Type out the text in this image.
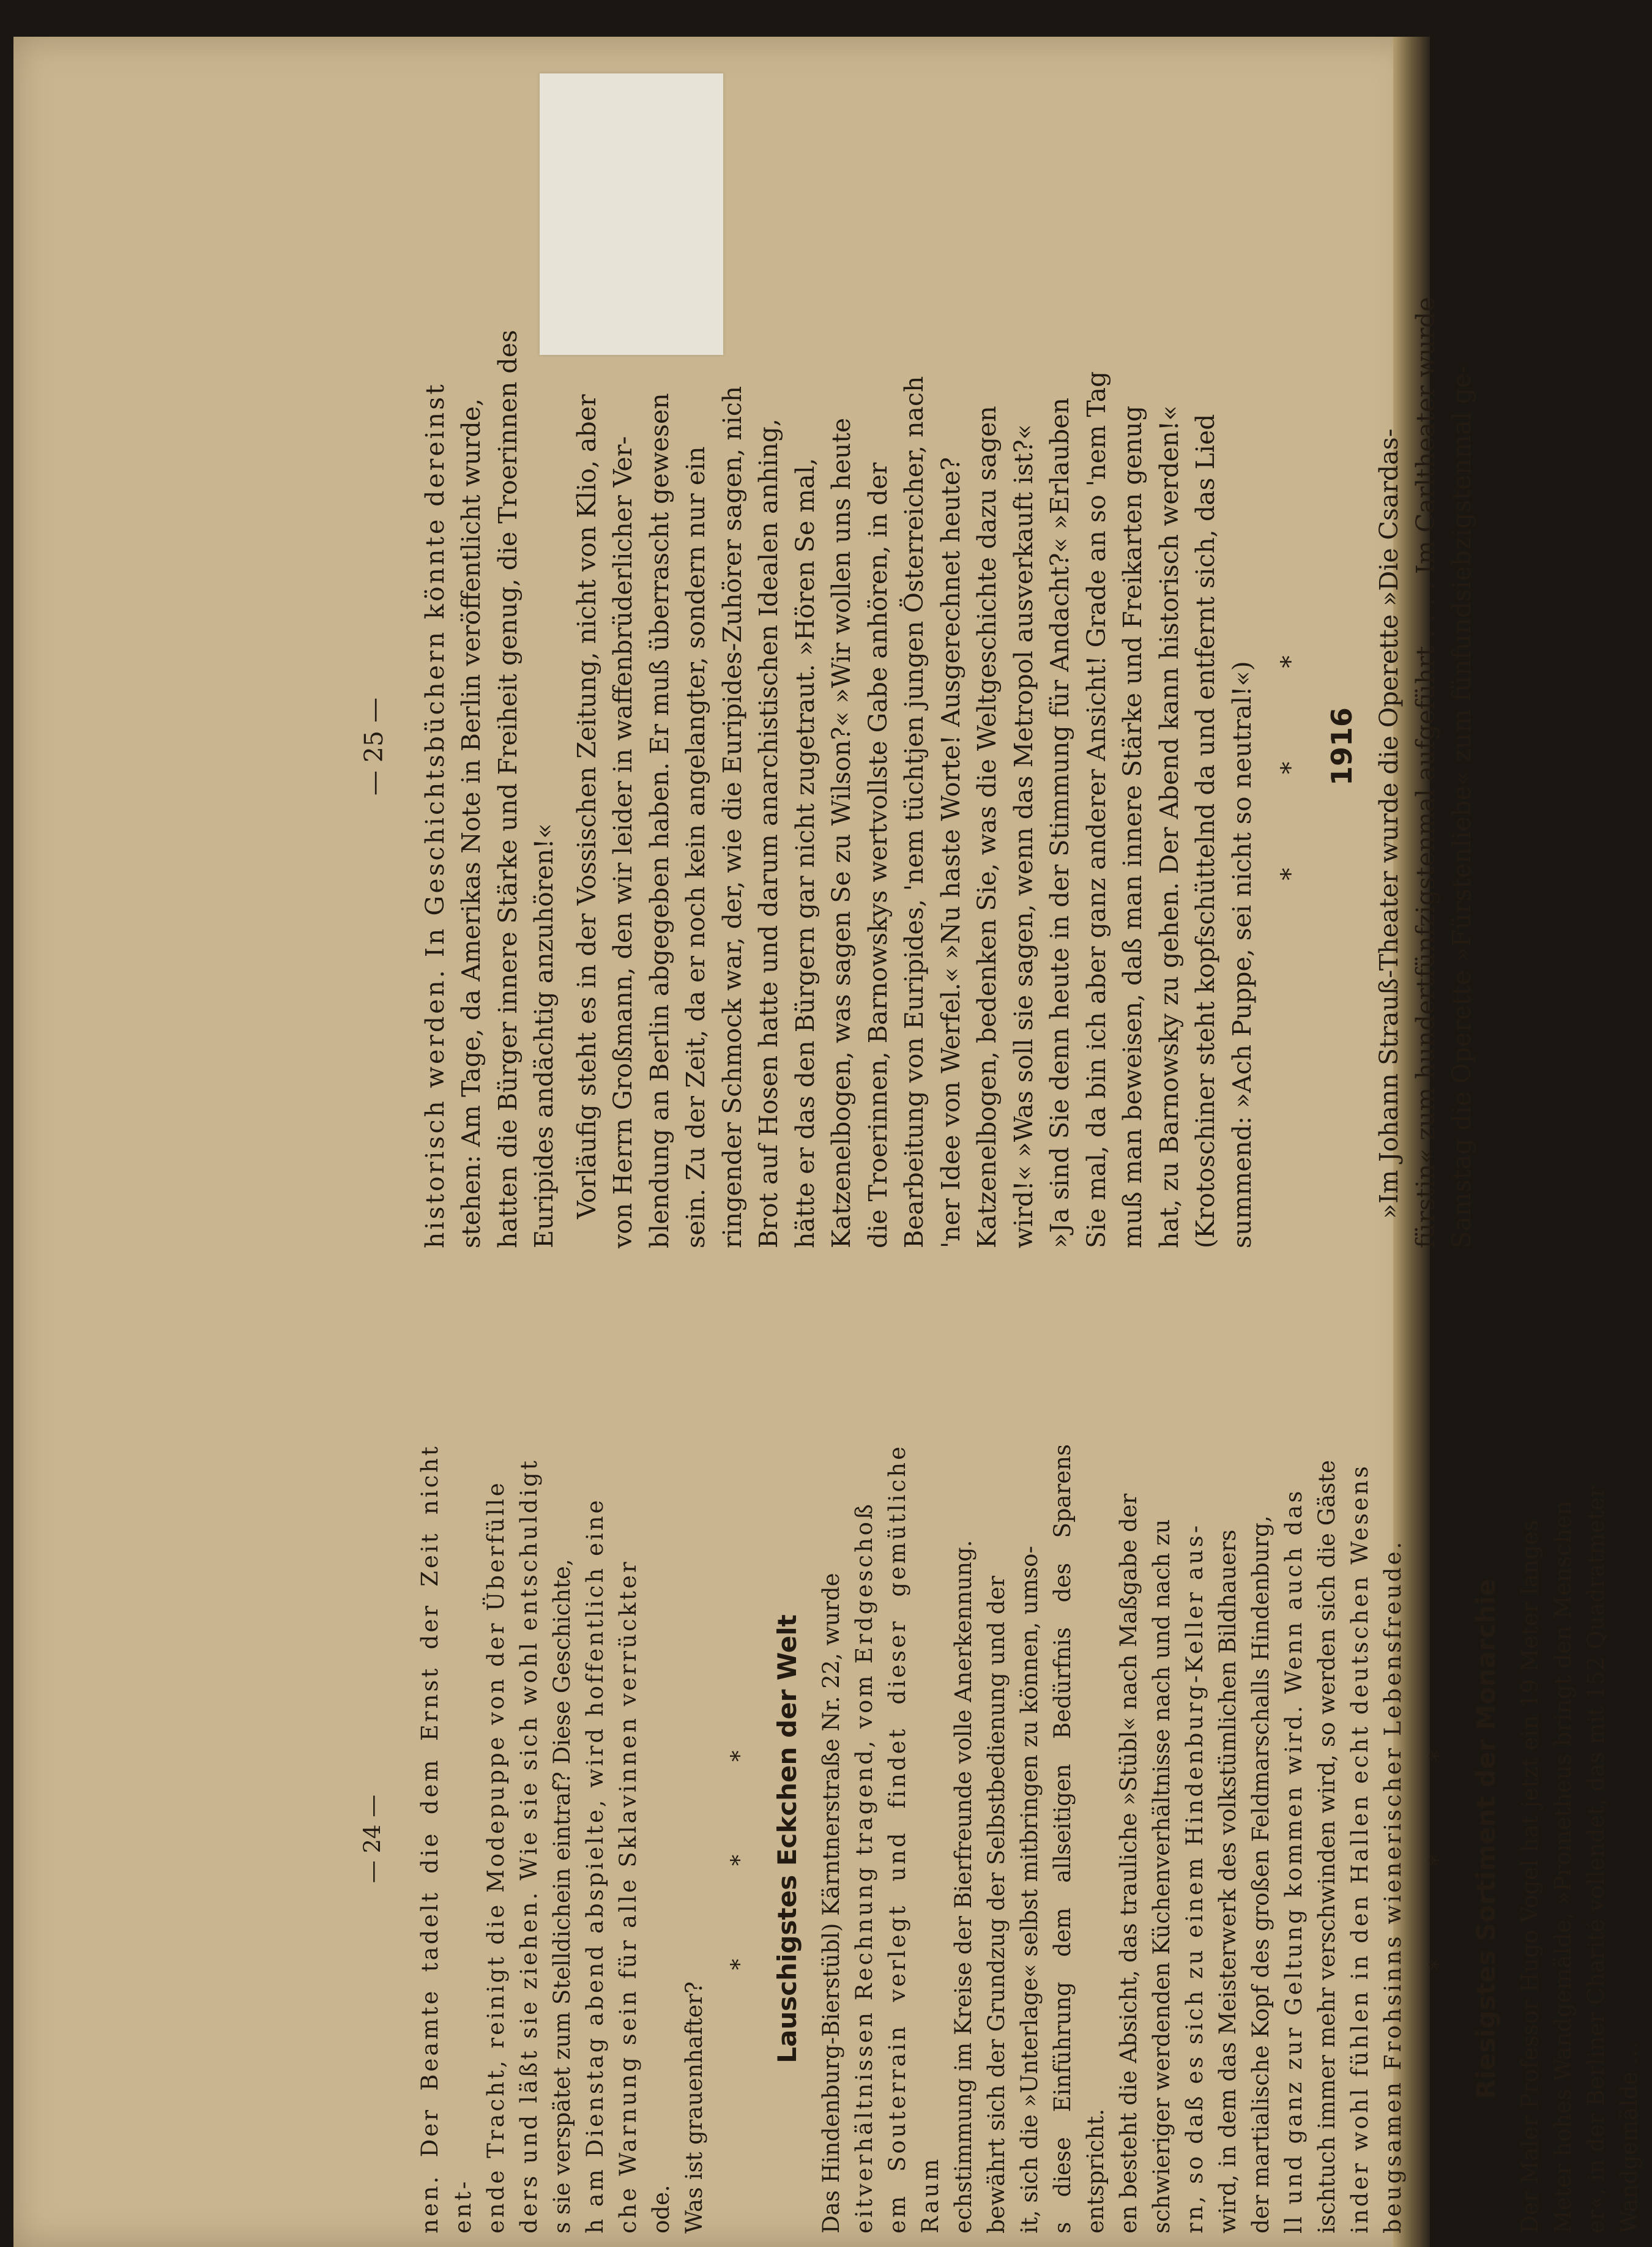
— 25 — historisch werden. In Geschichtsbüchern könnte dereinst stehen: Am Tage, da Amerikas Note in Berlin veröffentlicht wurde, hatten die Bürger innere Stärke und Freiheit genug, die Troerinnen des Euripides andächtig anzuhören!« Vorläufig steht es in der Vossischen Zeitung, nicht von Klio, aber von Herrn Großmann, den wir leider in waffenbrüderlicher Ver- blendung an Berlin abgegeben haben. Er muß überrascht gewesen sein. Zu der Zeit, da er noch kein angelangter, sondern nur ein ringender Schmock war, der, wie die Euripides-Zuhörer sagen, nich Brot auf Hosen hatte und darum anarchistischen Idealen anhing, hätte er das den Bürgern gar nicht zugetraut. »Hören Se mal, Katzenelbogen, was sagen Se zu Wilson?« »Wir wollen uns heute die Troerinnen, Barnowskys wertvollste Gabe anhören, in der Bearbeitung von Euripides, 'nem tüchtjen jungen Österreicher, nach 'ner Idee von Werfel.« »Nu haste Worte! Ausgerechnet heute? Katzenelbogen, bedenken Sie, was die Weltgeschichte dazu sagen wird!« »Was soll sie sagen, wenn das Metropol ausverkauft ist?« »Ja sind Sie denn heute in der Stimmung für Andacht?« »Erlauben Sie mal, da bin ich aber ganz anderer Ansicht! Grade an so 'nem Tag muß man beweisen, daß man innere Stärke und Freikarten genug hat, zu Barnowsky zu gehen. Der Abend kann historisch werden!« (Krotoschiner steht kopfschüttelnd da und entfernt sich, das Lied summend: »Ach Puppe, sei nicht so neutral!«) * * * 1916 »Im Johann Strauß-Theater wurde die Operette »Die Csardas- fürstin« zum hundertfünfzigstenmal aufgeführt . . . . Im Carltheater wurde Samstag die Operette »Fürstenliebe« zum fünfundsiebzigstenmal ge-

— 24 — nen. Der Beamte tadelt die dem Ernst der Zeit nicht ent- ende Tracht, reinigt die Modepuppe von der Überfülle ders und läßt sie ziehen. Wie sie sich wohl entschuldigt s sie verspätet zum Stelldichein eintraf? Diese Geschichte, h am Dienstag abend abspielte, wird hoffentlich eine che Warnung sein für alle Sklavinnen verrückter ode. Was ist grauenhafter?

* * * Lauschigstes Eckchen der Welt Das Hindenburg-Bierstübl) Kärntnerstraße Nr. 22, wurde eitverhältnissen Rechnung tragend, vom Erdgeschoß em Souterrain verlegt und findet dieser gemütliche Raum echstimmung im Kreise der Bierfreunde volle Anerkennung. bewährt sich der Grundzug der Selbstbedienung und der it, sich die »Unterlage« selbst mitbringen zu können, umso- s diese Einführung dem allseitigen Bedürfnis des Sparens entspricht. en besteht die Absicht, das trauliche »Stübl« nach Maßgabe der schwieriger werdenden Küchenverhältnisse nach und nach zu rn, so daß es sich zu einem Hindenburg-Keller aus- wird, in dem das Meisterwerk des volkstümlichen Bildhauers der martialische Kopf des großen Feldmarschalls Hindenburg, ll und ganz zur Geltung kommen wird. Wenn auch das ischtuch immer mehr verschwinden wird, so werden sich die Gäste inder wohl fühlen in den Hallen echt deutschen Wesens beugsamen Frohsinns wienerischer Lebensfreude. * * * Riesigstes Sortiment der Monarchie Der Maler Professor Hugo Vogel hat jetzt ein 19 Meter langes Meter hohes Wandgemälde, »Prometheus bringt den Menschen er«, in der Berliner Charité vollendet, das mit 152 Quadratmeter Wandgemälde …
